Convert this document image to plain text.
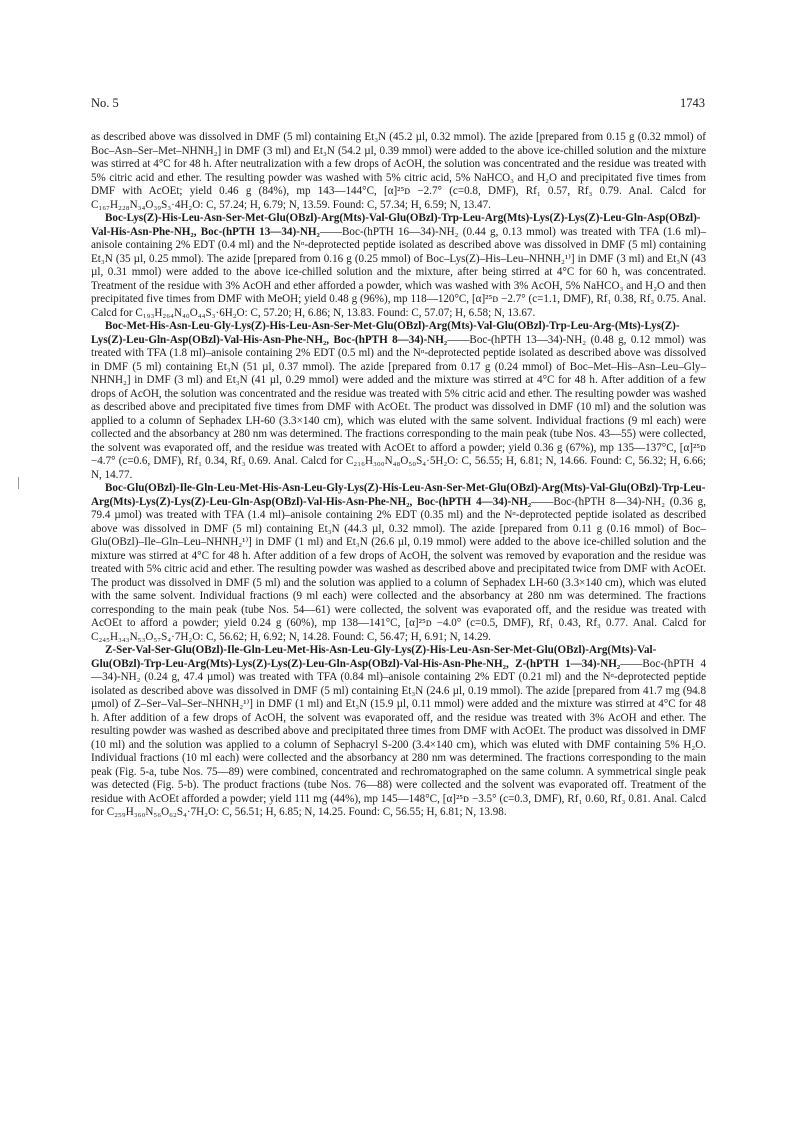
No. 5	1743

as described above was dissolved in DMF (5 ml) containing Et₃N (45.2 µl, 0.32 mmol). The azide [prepared from 0.15 g (0.32 mmol) of Boc–Asn–Ser–Met–NHNH₂] in DMF (3 ml) and Et₃N (54.2 µl, 0.39 mmol) were added to the above ice-chilled solution and the mixture was stirred at 4°C for 48 h. After neutralization with a few drops of AcOH, the solution was concentrated and the residue was treated with 5% citric acid and ether. The resulting powder was washed with 5% citric acid, 5% NaHCO₃ and H₂O and precipitated five times from DMF with AcOEt; yield 0.46 g (84%), mp 143—144°C, [α]²⁵ᴅ −2.7° (c=0.8, DMF), Rf₁ 0.57, Rf₃ 0.79. Anal. Calcd for C₁₆₇H₂₂₈N₃₄O₃₉S₃·4H₂O: C, 57.24; H, 6.79; N, 13.59. Found: C, 57.34; H, 6.59; N, 13.47.

Boc-Lys(Z)-His-Leu-Asn-Ser-Met-Glu(OBzl)-Arg(Mts)-Val-Glu(OBzl)-Trp-Leu-Arg(Mts)-Lys(Z)-Lys(Z)-Leu-Gln-Asp(OBzl)-Val-His-Asn-Phe-NH₂, Boc-(hPTH 13—34)-NH₂——Boc-(hPTH 16—34)-NH₂ (0.44 g, 0.13 mmol) was treated with TFA (1.6 ml)–anisole containing 2% EDT (0.4 ml) and the Nᵅ-deprotected peptide isolated as described above was dissolved in DMF (5 ml) containing Et₃N (35 µl, 0.25 mmol). The azide [prepared from 0.16 g (0.25 mmol) of Boc–Lys(Z)–His–Leu–NHNH₂¹⁾] in DMF (3 ml) and Et₃N (43 µl, 0.31 mmol) were added to the above ice-chilled solution and the mixture, after being stirred at 4°C for 60 h, was concentrated. Treatment of the residue with 3% AcOH and ether afforded a powder, which was washed with 3% AcOH, 5% NaHCO₃ and H₂O and then precipitated five times from DMF with MeOH; yield 0.48 g (96%), mp 118—120°C, [α]²⁵ᴅ −2.7° (c=1.1, DMF), Rf₁ 0.38, Rf₃ 0.75. Anal. Calcd for C₁₉₃H₂₆₄N₄₀O₄₄S₃·6H₂O: C, 57.20; H, 6.86; N, 13.83. Found: C, 57.07; H, 6.58; N, 13.67.

Boc-Met-His-Asn-Leu-Gly-Lys(Z)-His-Leu-Asn-Ser-Met-Glu(OBzl)-Arg(Mts)-Val-Glu(OBzl)-Trp-Leu-Arg-(Mts)-Lys(Z)-Lys(Z)-Leu-Gln-Asp(OBzl)-Val-His-Asn-Phe-NH₂, Boc-(hPTH 8—34)-NH₂——Boc-(hPTH 13—34)-NH₂ (0.48 g, 0.12 mmol) was treated with TFA (1.8 ml)–anisole containing 2% EDT (0.5 ml) and the Nᵅ-deprotected peptide isolated as described above was dissolved in DMF (5 ml) containing Et₃N (51 µl, 0.37 mmol). The azide [prepared from 0.17 g (0.24 mmol) of Boc–Met–His–Asn–Leu–Gly–NHNH₂] in DMF (3 ml) and Et₃N (41 µl, 0.29 mmol) were added and the mixture was stirred at 4°C for 48 h. After addition of a few drops of AcOH, the solution was concentrated and the residue was treated with 5% citric acid and ether. The resulting powder was washed as described above and precipitated five times from DMF with AcOEt. The product was dissolved in DMF (10 ml) and the solution was applied to a column of Sephadex LH-60 (3.3×140 cm), which was eluted with the same solvent. Individual fractions (9 ml each) were collected and the absorbancy at 280 nm was determined. The fractions corresponding to the main peak (tube Nos. 43—55) were collected, the solvent was evaporated off, and the residue was treated with AcOEt to afford a powder; yield 0.36 g (67%), mp 135—137°C, [α]²⁵ᴅ −4.7° (c=0.6, DMF), Rf₁ 0.34, Rf₃ 0.69. Anal. Calcd for C₂₁₆H₃₀₀N₄₈O₅₀S₄·5H₂O: C, 56.55; H, 6.81; N, 14.66. Found: C, 56.32; H, 6.66; N, 14.77.

Boc-Glu(OBzl)-Ile-Gln-Leu-Met-His-Asn-Leu-Gly-Lys(Z)-His-Leu-Asn-Ser-Met-Glu(OBzl)-Arg(Mts)-Val-Glu(OBzl)-Trp-Leu-Arg(Mts)-Lys(Z)-Lys(Z)-Leu-Gln-Asp(OBzl)-Val-His-Asn-Phe-NH₂, Boc-(hPTH 4—34)-NH₂——Boc-(hPTH 8—34)-NH₂ (0.36 g, 79.4 µmol) was treated with TFA (1.4 ml)–anisole containing 2% EDT (0.35 ml) and the Nᵅ-deprotected peptide isolated as described above was dissolved in DMF (5 ml) containing Et₃N (44.3 µl, 0.32 mmol). The azide [prepared from 0.11 g (0.16 mmol) of Boc–Glu(OBzl)–Ile–Gln–Leu–NHNH₂¹⁾] in DMF (1 ml) and Et₃N (26.6 µl, 0.19 mmol) were added to the above ice-chilled solution and the mixture was stirred at 4°C for 48 h. After addition of a few drops of AcOH, the solvent was removed by evaporation and the residue was treated with 5% citric acid and ether. The resulting powder was washed as described above and precipitated twice from DMF with AcOEt. The product was dissolved in DMF (5 ml) and the solution was applied to a column of Sephadex LH-60 (3.3×140 cm), which was eluted with the same solvent. Individual fractions (9 ml each) were collected and the absorbancy at 280 nm was determined. The fractions corresponding to the main peak (tube Nos. 54—61) were collected, the solvent was evaporated off, and the residue was treated with AcOEt to afford a powder; yield 0.24 g (60%), mp 138—141°C, [α]²⁵ᴅ −4.0° (c=0.5, DMF), Rf₁ 0.43, Rf₃ 0.77. Anal. Calcd for C₂₄₅H₃₄₃N₅₃O₅₇S₄·7H₂O: C, 56.62; H, 6.92; N, 14.28. Found: C, 56.47; H, 6.91; N, 14.29.

Z-Ser-Val-Ser-Glu(OBzl)-Ile-Gln-Leu-Met-His-Asn-Leu-Gly-Lys(Z)-His-Leu-Asn-Ser-Met-Glu(OBzl)-Arg(Mts)-Val-Glu(OBzl)-Trp-Leu-Arg(Mts)-Lys(Z)-Lys(Z)-Leu-Gln-Asp(OBzl)-Val-His-Asn-Phe-NH₂, Z-(hPTH 1—34)-NH₂——Boc-(hPTH 4—34)-NH₂ (0.24 g, 47.4 µmol) was treated with TFA (0.84 ml)–anisole containing 2% EDT (0.21 ml) and the Nᵅ-deprotected peptide isolated as described above was dissolved in DMF (5 ml) containing Et₃N (24.6 µl, 0.19 mmol). The azide [prepared from 41.7 mg (94.8 µmol) of Z–Ser–Val–Ser–NHNH₂¹⁾] in DMF (1 ml) and Et₃N (15.9 µl, 0.11 mmol) were added and the mixture was stirred at 4°C for 48 h. After addition of a few drops of AcOH, the solvent was evaporated off, and the residue was treated with 3% AcOH and ether. The resulting powder was washed as described above and precipitated three times from DMF with AcOEt. The product was dissolved in DMF (10 ml) and the solution was applied to a column of Sephacryl S-200 (3.4×140 cm), which was eluted with DMF containing 5% H₂O. Individual fractions (10 ml each) were collected and the absorbancy at 280 nm was determined. The fractions corresponding to the main peak (Fig. 5-a, tube Nos. 75—89) were combined, concentrated and rechromatographed on the same column. A symmetrical single peak was detected (Fig. 5-b). The product fractions (tube Nos. 76—88) were collected and the solvent was evaporated off. Treatment of the residue with AcOEt afforded a powder; yield 111 mg (44%), mp 145—148°C, [α]²⁵ᴅ −3.5° (c=0.3, DMF), Rf₁ 0.60, Rf₃ 0.81. Anal. Calcd for C₂₅₉H₃₆₀N₅₆O₆₂S₄·7H₂O: C, 56.51; H, 6.85; N, 14.25. Found: C, 56.55; H, 6.81; N, 13.98.
